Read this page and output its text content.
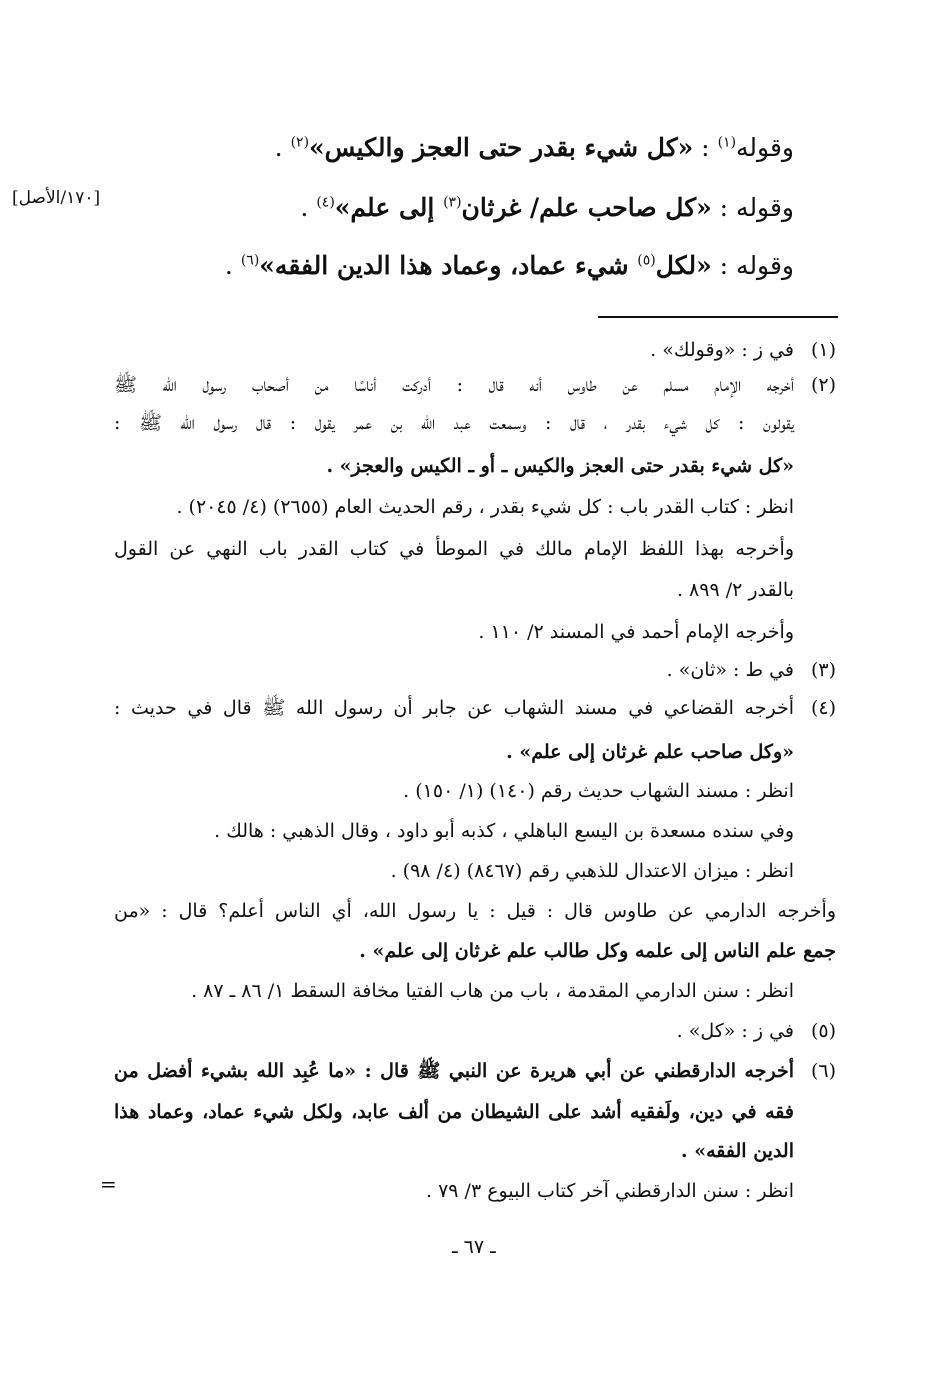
وقوله$^{(١)}$ : «كل شيء بقدر حتى العجز والكيس»$^{(٢)}$ .
وقوله : «كل صاحب علم/ غرثان$^{(٣)}$ إلى علم»$^{(٤)}$ .
وقوله : «لكل$^{(٥)}$ شيء عماد، وعماد هذا الدين الفقه»$^{(٦)}$ .
[١٧٠/الأصل]
(١)
في ز : «وقولك» .
(٢)
أخرجه الإمام مسلم عن طاوس أنه قال : أدركت أناسًا من أصحاب رسول الله ﷺ
يقولون : كل شيء بقدر ، قال : وسمعت عبد الله بن عمر يقول : قال رسول الله ﷺ :
«كل شيء بقدر حتى العجز والكيس ـ أو ـ الكيس والعجز» .
انظر : كتاب القدر باب : كل شيء بقدر ، رقم الحديث العام (٢٦٥٥) (٤/ ٢٠٤٥) .
وأخرجه بهذا اللفظ الإمام مالك في الموطأ في كتاب القدر باب النهي عن القول
بالقدر ٢/ ٨٩٩ .
وأخرجه الإمام أحمد في المسند ٢/ ١١٠ .
(٣)
في ط : «ثان» .
(٤)
أخرجه القضاعي في مسند الشهاب عن جابر أن رسول الله ﷺ قال في حديث :
«وكل صاحب علم غرثان إلى علم» .
انظر : مسند الشهاب حديث رقم (١٤٠) (١/ ١٥٠) .
وفي سنده مسعدة بن اليسع الباهلي ، كذبه أبو داود ، وقال الذهبي : هالك .
انظر : ميزان الاعتدال للذهبي رقم (٨٤٦٧) (٤/ ٩٨) .
وأخرجه الدارمي عن طاوس قال : قيل : يا رسول الله، أي الناس أعلم؟ قال : «من
جمع علم الناس إلى علمه وكل طالب علم غرثان إلى علم» .
انظر : سنن الدارمي المقدمة ، باب من هاب الفتيا مخافة السقط ١/ ٨٦ ـ ٨٧ .
(٥)
في ز : «كل» .
(٦)
أخرجه الدارقطني عن أبي هريرة عن النبي ﷺ قال : «ما عُبِد الله بشيء أفضل من
فقه في دين، ولَفقيه أشد على الشيطان من ألف عابد، ولكل شيء عماد، وعماد هذا
الدين الفقه» .
انظر : سنن الدارقطني آخر كتاب البيوع ٣/ ٧٩ .
=
ـ ٦٧ ـ
